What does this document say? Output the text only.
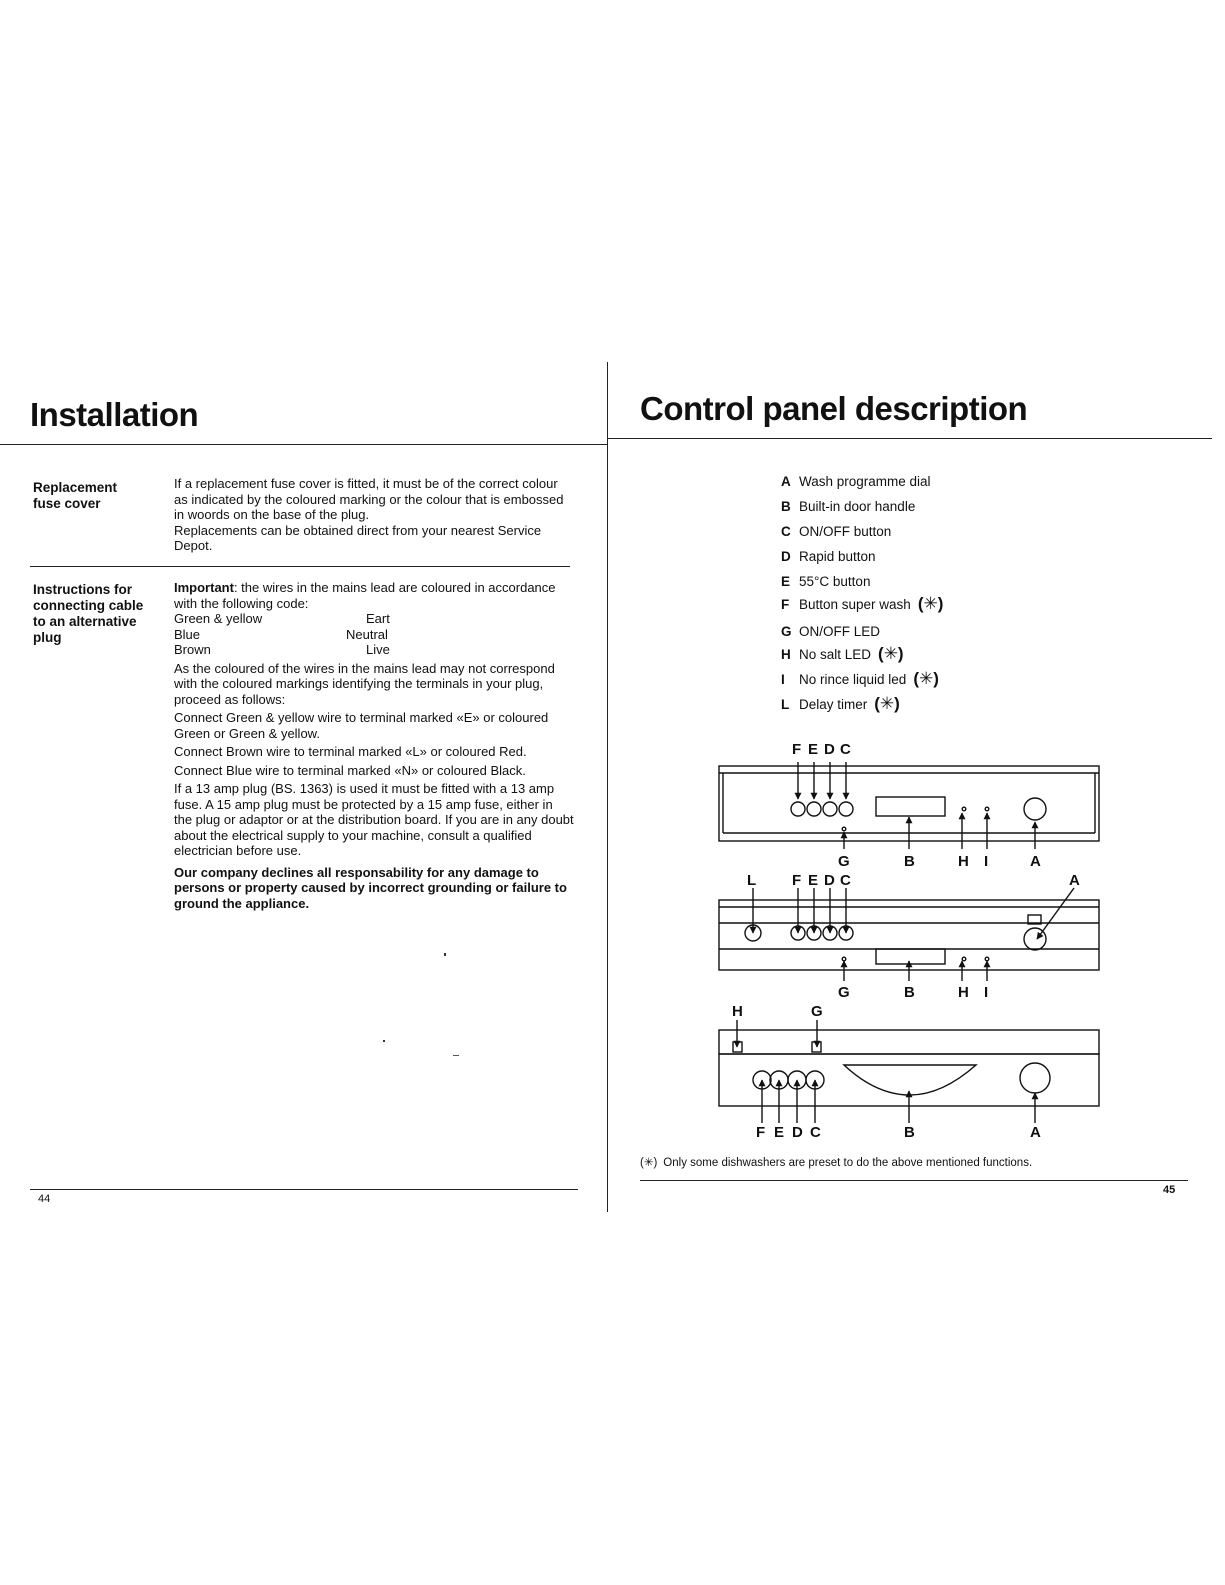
Installation
Replacement
fuse cover

If a replacement fuse cover is fitted, it must be of the correct colour as indicated by the coloured marking or the colour that is embossed in woords on the base of the plug.

Replacements can be obtained direct from your nearest Service Depot.

Instructions for
connecting cable
to an alternative
plug

Important: the wires in the mains lead are coloured in accordance with the following code:

Green & yellow	Eart
Blue	Neutral
Brown	Live

As the coloured of the wires in the mains lead may not correspond with the coloured markings identifying the terminals in your plug, proceed as follows:

Connect Green & yellow wire to terminal marked «E» or coloured Green or Green & yellow.

Connect Brown wire to terminal marked «L» or coloured Red.

Connect Blue wire to terminal marked «N» or coloured Black.

If a 13 amp plug (BS. 1363) is used it must be fitted with a 13 amp fuse. A 15 amp plug must be protected by a 15 amp fuse, either in the plug or adaptor or at the distribution board. If you are in any doubt about the electrical supply to your machine, consult a qualified electrician before use.

Our company declines all responsability for any damage to persons or property caused by incorrect grounding or failure to ground the appliance.

44
Control panel description
A Wash programme dial
B Built-in door handle
C ON/OFF button
D Rapid button
E 55°C button
F Button super wash (✳)
G ON/OFF LED
H No salt LED (✳)
I No rince liquid led (✳)
L Delay timer (✳)
F E D C
G	B	H I	A
L F E D C	A
G	B	H I
H	G
F E D C	B	A
(✳) Only some dishwashers are preset to do the above mentioned functions.
45
